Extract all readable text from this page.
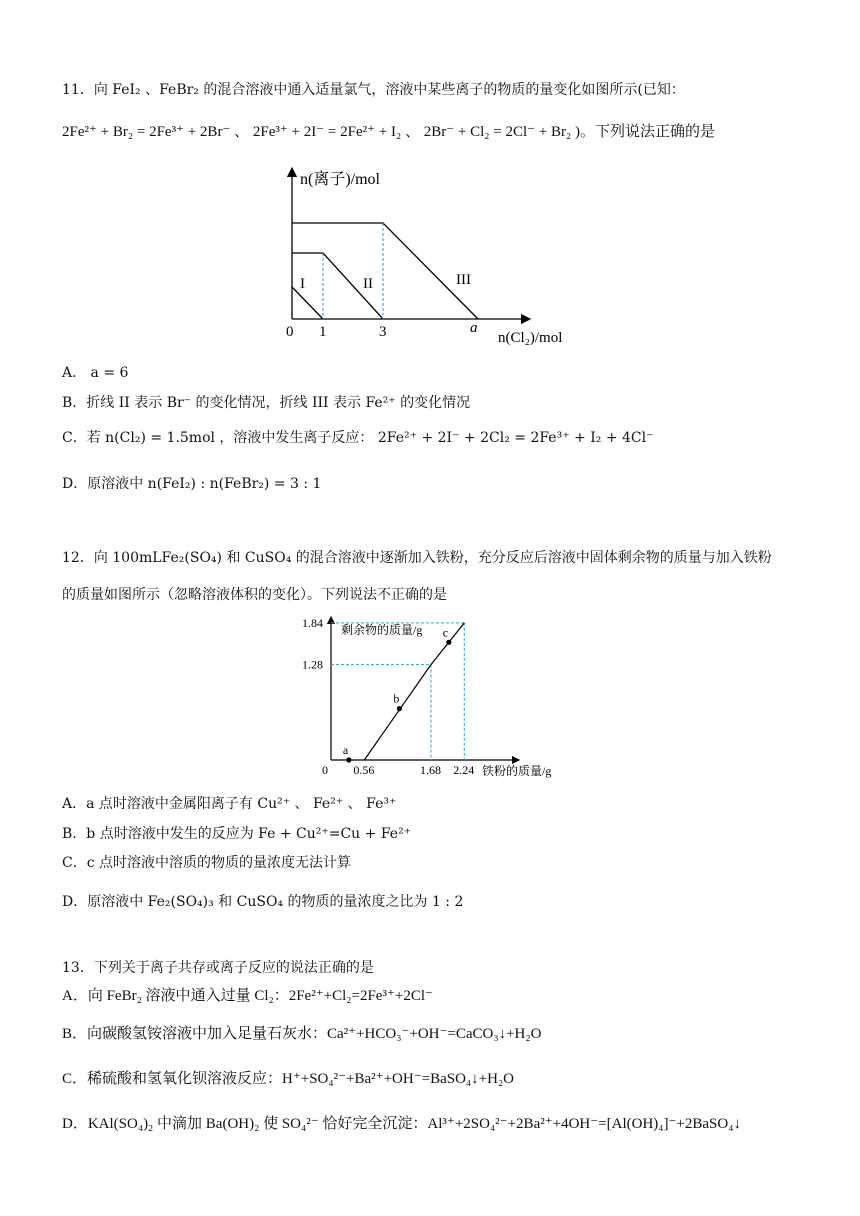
11．向 FeI₂ 、FeBr₂ 的混合溶液中通入适量氯气，溶液中某些离子的物质的量变化如图所示(已知：
2Fe²⁺ + Br₂ = 2Fe³⁺ + 2Br⁻ 、 2Fe³⁺ + 2I⁻ = 2Fe²⁺ + I₂ 、 2Br⁻ + Cl₂ = 2Cl⁻ + Br₂ )。下列说法正确的是
n(离子)/mol
0 1	3	a
n(Cl₂)/mol
I	II	III
A． a = 6
B．折线 II 表示 Br⁻ 的变化情况，折线 III 表示 Fe²⁺ 的变化情况
C．若 n(Cl₂) = 1.5mol ，溶液中发生离子反应： 2Fe²⁺ + 2I⁻ + 2Cl₂ = 2Fe³⁺ + I₂ + 4Cl⁻
D．原溶液中 n(FeI₂) : n(FeBr₂) = 3 : 1
12．向 100mLFe₂(SO₄) 和 CuSO₄ 的混合溶液中逐渐加入铁粉，充分反应后溶液中固体剩余物的质量与加入铁粉
的质量如图所示（忽略溶液体积的变化）。下列说法不正确的是
a
b
c
剩余物的质量/g
0	铁粉的质量/g
0.56	1.68 2.24
1.84
1.28
A．a 点时溶液中金属阳离子有 Cu²⁺ 、 Fe²⁺ 、 Fe³⁺
B．b 点时溶液中发生的反应为 Fe + Cu²⁺=Cu + Fe²⁺
C．c 点时溶液中溶质的物质的量浓度无法计算
D．原溶液中 Fe₂(SO₄)₃ 和 CuSO₄ 的物质的量浓度之比为 1 : 2
13．下列关于离子共存或离子反应的说法正确的是
A．向 FeBr₂ 溶液中通入过量 Cl₂：2Fe²⁺+Cl₂=2Fe³⁺+2Cl⁻
B．向碳酸氢铵溶液中加入足量石灰水：Ca²⁺+HCO₃⁻+OH⁻=CaCO₃↓+H₂O
C．稀硫酸和氢氧化钡溶液反应：H⁺+SO₄²⁻+Ba²⁺+OH⁻=BaSO₄↓+H₂O
D．KAl(SO₄)₂ 中滴加 Ba(OH)₂ 使 SO₄²⁻ 恰好完全沉淀：Al³⁺+2SO₄²⁻+2Ba²⁺+4OH⁻=[Al(OH)₄]⁻+2BaSO₄↓
